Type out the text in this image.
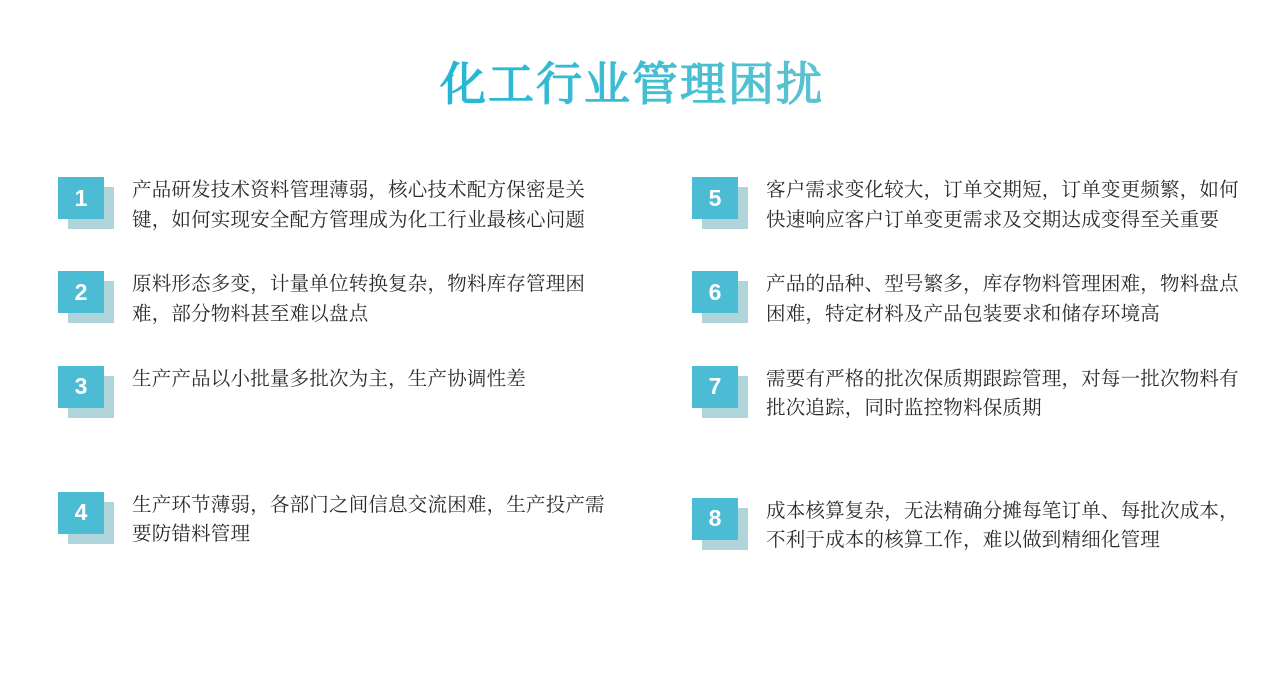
化工行业管理困扰
1	产品研发技术资料管理薄弱，核心技术配方保密是关键，如何实现安全配方管理成为化工行业最核心问题
2	原料形态多变，计量单位转换复杂，物料库存管理困难，部分物料甚至难以盘点
3	生产产品以小批量多批次为主，生产协调性差
4	生产环节薄弱，各部门之间信息交流困难，生产投产需要防错料管理
5	客户需求变化较大，订单交期短，订单变更频繁，如何快速响应客户订单变更需求及交期达成变得至关重要
6	产品的品种、型号繁多，库存物料管理困难，物料盘点困难，特定材料及产品包装要求和储存环境高
7	需要有严格的批次保质期跟踪管理，对每一批次物料有批次追踪，同时监控物料保质期
8	成本核算复杂，无法精确分摊每笔订单、每批次成本，不利于成本的核算工作，难以做到精细化管理
